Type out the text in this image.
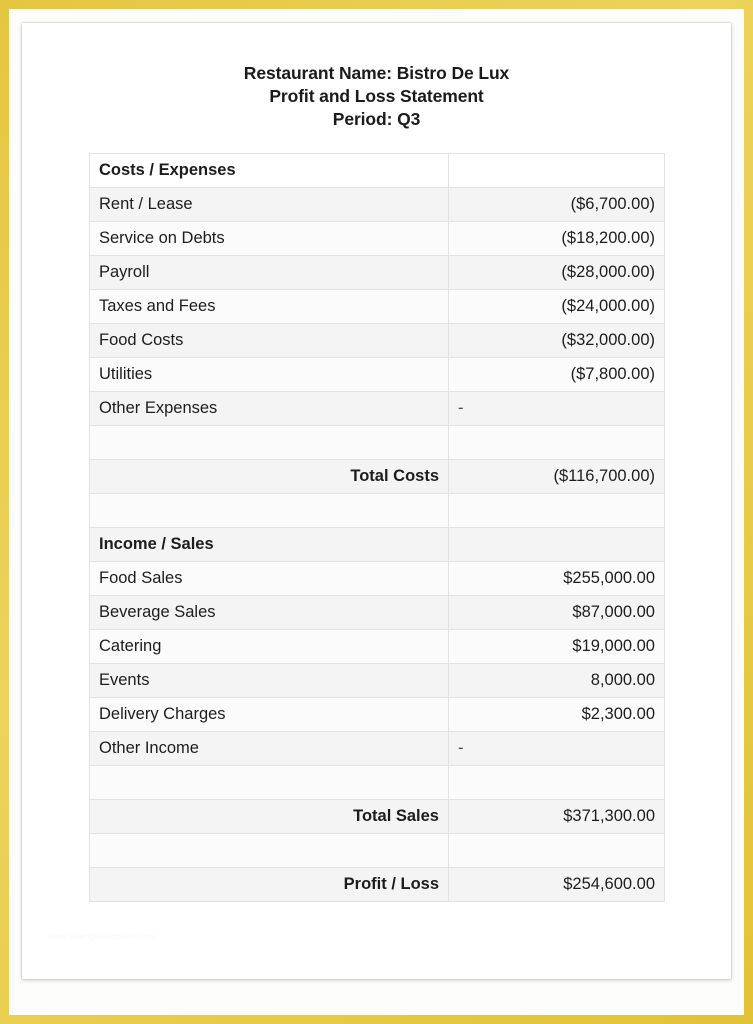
Restaurant Name: Bistro De Lux
Profit and Loss Statement
Period: Q3
Costs / Expenses	
Rent / Lease	($6,700.00)
Service on Debts	($18,200.00)
Payroll	($28,000.00)
Taxes and Fees	($24,000.00)
Food Costs	($32,000.00)
Utilities	($7,800.00)
Other Expenses	-

Total Costs	($116,700.00)

Income / Sales	
Food Sales	$255,000.00
Beverage Sales	$87,000.00
Catering	$19,000.00
Events	8,000.00
Delivery Charges	$2,300.00
Other Income	-

Total Sales	$371,300.00

Profit / Loss	$254,600.00
www.exampletemplate.com
